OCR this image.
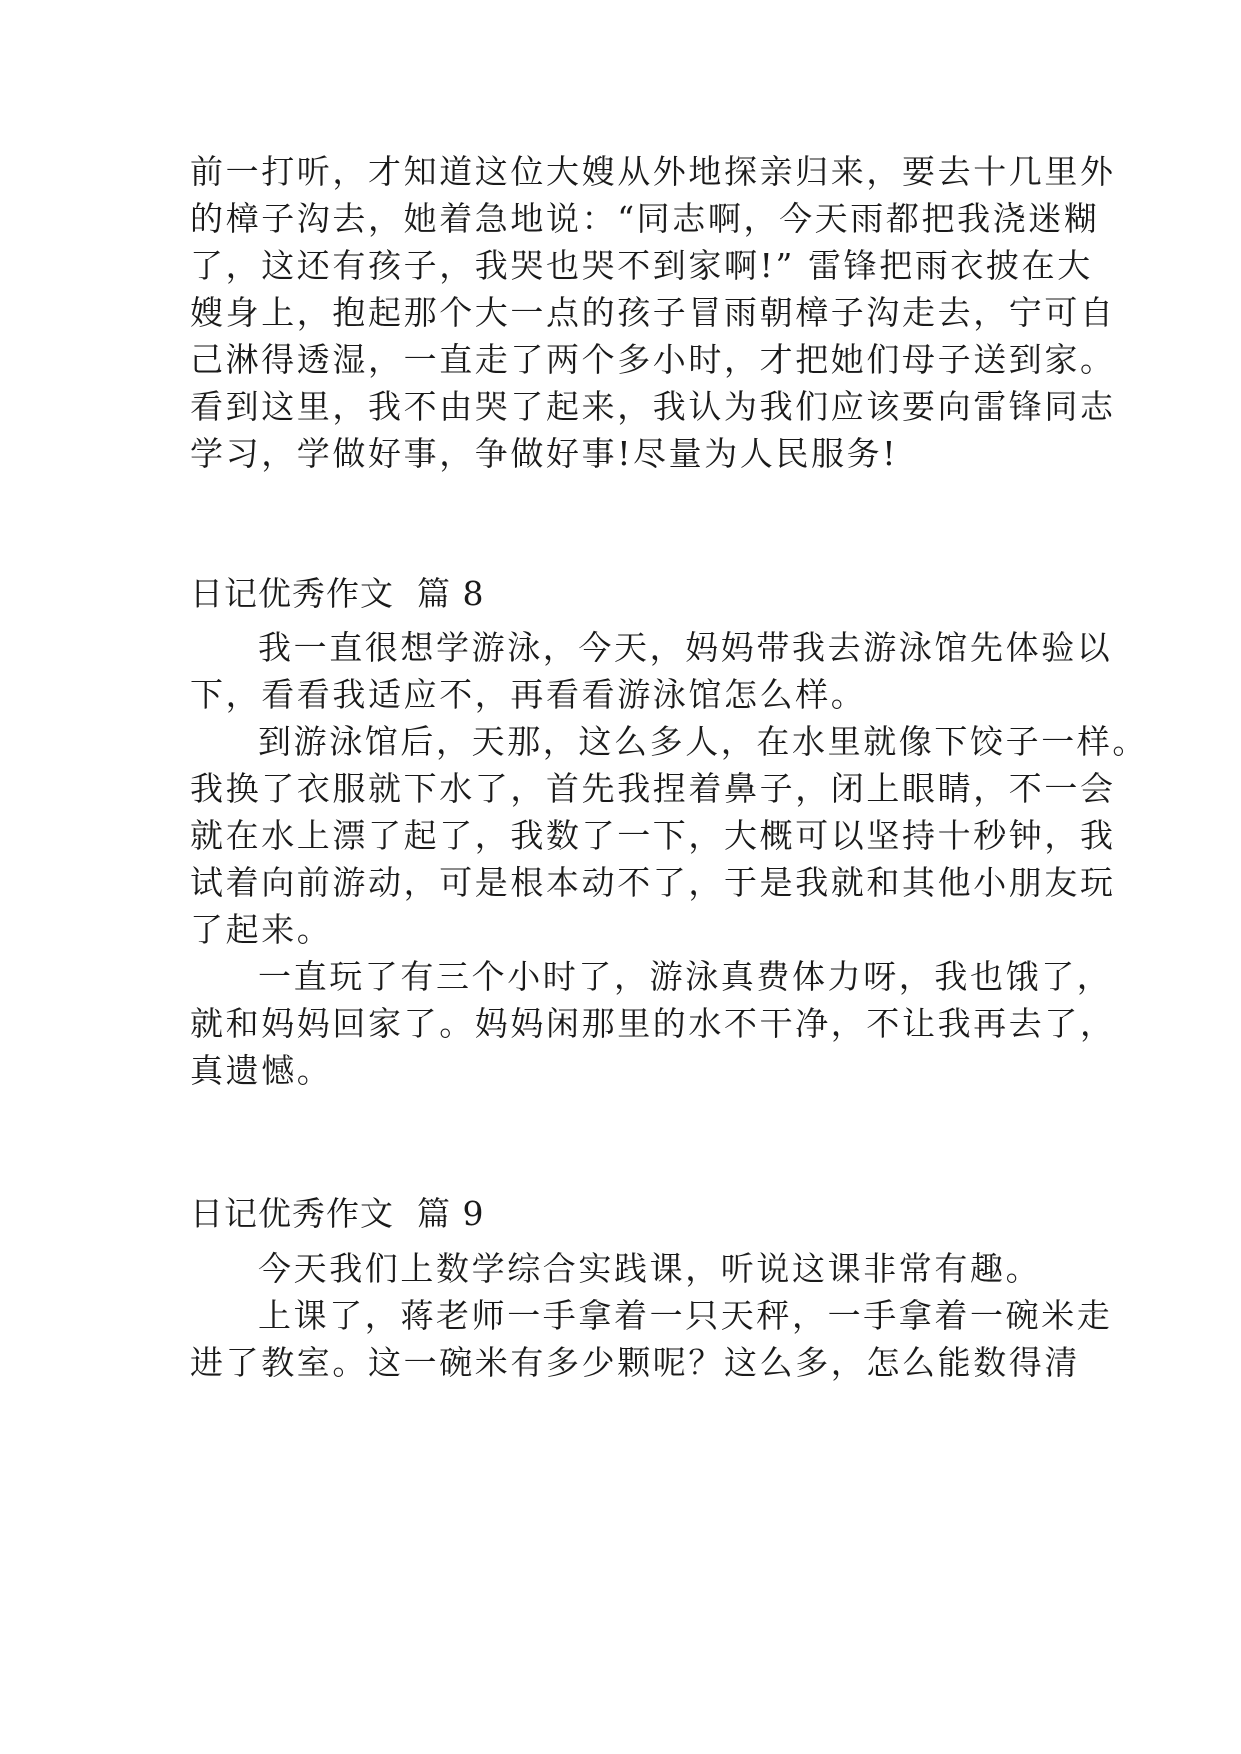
前一打听，才知道这位大嫂从外地探亲归来，要去十几里外

的樟子沟去，她着急地说：“同志啊，今天雨都把我浇迷糊

了，这还有孩子，我哭也哭不到家啊!” 雷锋把雨衣披在大

嫂身上，抱起那个大一点的孩子冒雨朝樟子沟走去，宁可自

己淋得透湿，一直走了两个多小时，才把她们母子送到家。

看到这里，我不由哭了起来，我认为我们应该要向雷锋同志

学习，学做好事，争做好事!尽量为人民服务!

日记优秀作文  篇 8

我一直很想学游泳，今天，妈妈带我去游泳馆先体验以

下，看看我适应不，再看看游泳馆怎么样。

到游泳馆后，天那，这么多人，在水里就像下饺子一样。

我换了衣服就下水了，首先我捏着鼻子，闭上眼睛，不一会

就在水上漂了起了，我数了一下，大概可以坚持十秒钟，我

试着向前游动，可是根本动不了，于是我就和其他小朋友玩

了起来。

一直玩了有三个小时了，游泳真费体力呀，我也饿了，

就和妈妈回家了。妈妈闲那里的水不干净，不让我再去了，

真遗憾。

日记优秀作文  篇 9

今天我们上数学综合实践课，听说这课非常有趣。

上课了，蒋老师一手拿着一只天秤，一手拿着一碗米走

进了教室。这一碗米有多少颗呢？这么多，怎么能数得清
